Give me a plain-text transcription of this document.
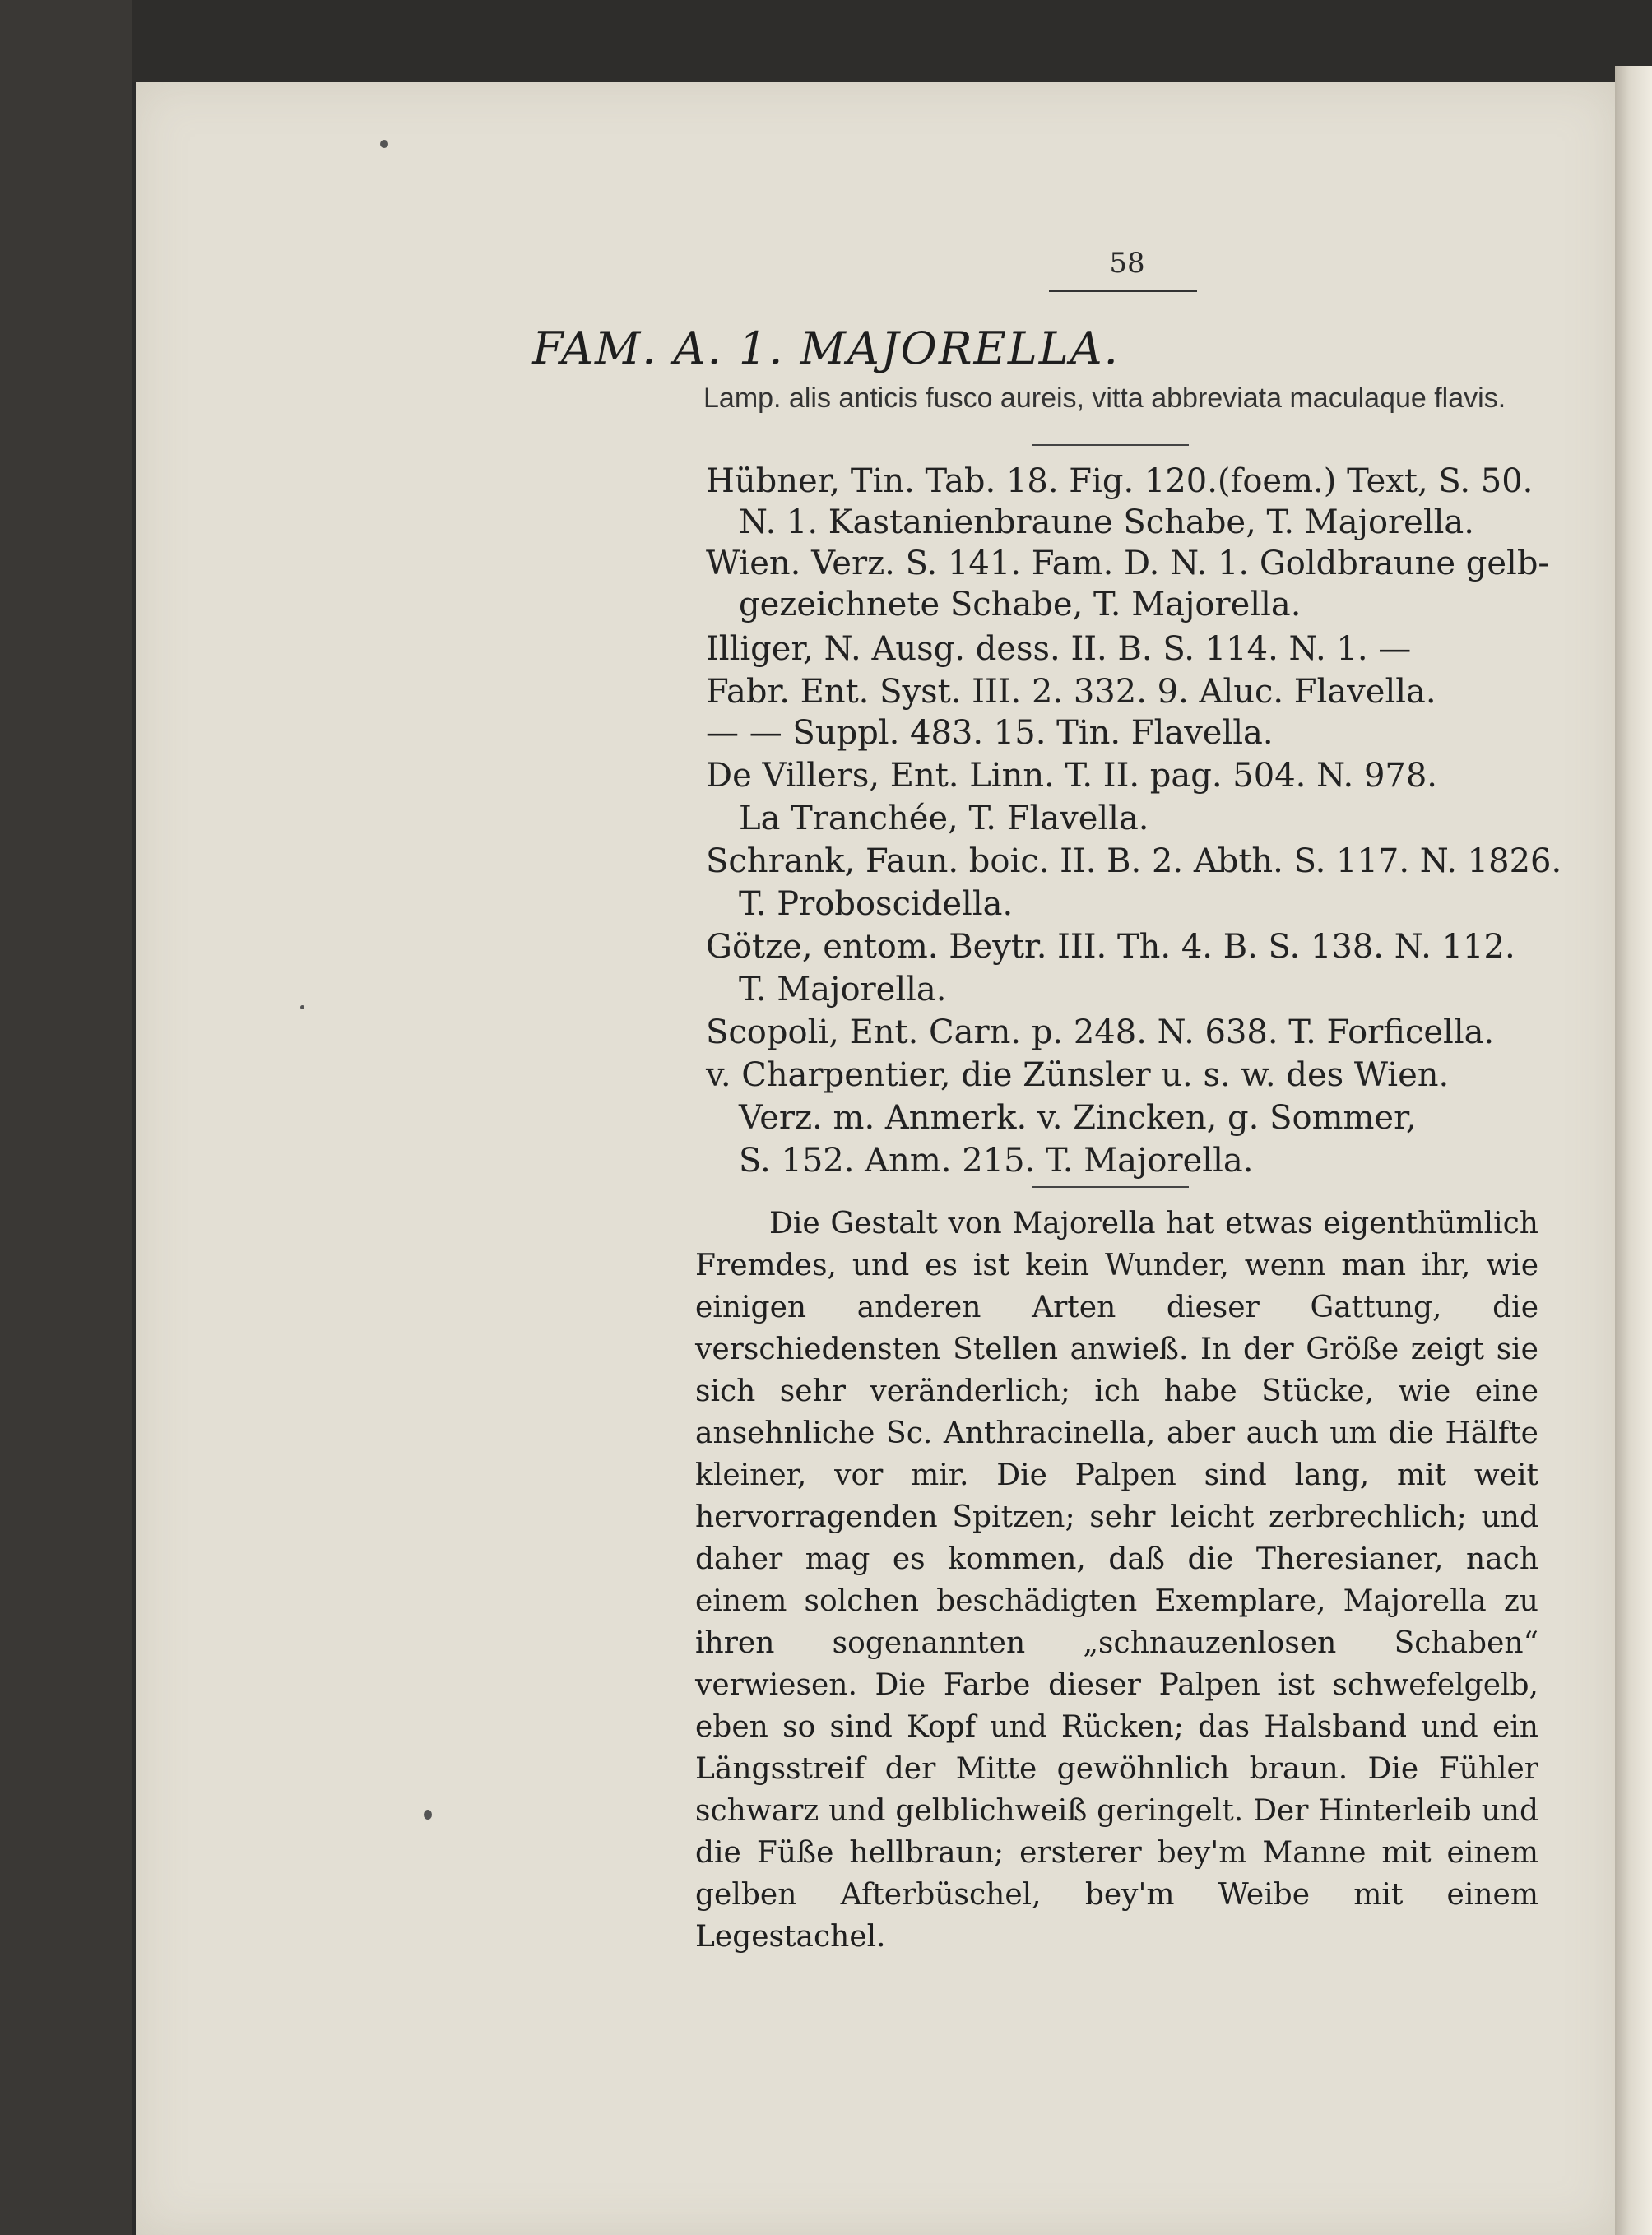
58
FAM. A. 1. MAJORELLA.
Lamp. alis anticis fusco aureis, vitta abbreviata maculaque flavis.
Hübner, Tin. Tab. 18. Fig. 120.(foem.) Text, S. 50.
N. 1. Kastanienbraune Schabe, T. Majorella.
Wien. Verz. S. 141. Fam. D. N. 1. Goldbraune gelb-
gezeichnete Schabe, T. Majorella.
Illiger, N. Ausg. dess. II. B. S. 114. N. 1. —
Fabr. Ent. Syst. III. 2. 332. 9. Aluc. Flavella.
— — Suppl. 483. 15. Tin. Flavella.
De Villers, Ent. Linn. T. II. pag. 504. N. 978.
La Tranchée, T. Flavella.
Schrank, Faun. boic. II. B. 2. Abth. S. 117. N. 1826.
T. Proboscidella.
Götze, entom. Beytr. III. Th. 4. B. S. 138. N. 112.
T. Majorella.
Scopoli, Ent. Carn. p. 248. N. 638. T. Forficella.
v. Charpentier, die Zünsler u. s. w. des Wien.
Verz. m. Anmerk. v. Zincken, g. Sommer,
S. 152. Anm. 215. T. Majorella.
Die Gestalt von Majorella hat etwas eigenthümlich Fremdes, und es ist kein Wunder, wenn man ihr, wie einigen anderen Arten dieser Gattung, die verschiedensten Stellen anwieß. In der Größe zeigt sie sich sehr veränderlich; ich habe Stücke, wie eine ansehnliche Sc. Anthracinella, aber auch um die Hälfte kleiner, vor mir. Die Palpen sind lang, mit weit hervorragenden Spitzen; sehr leicht zerbrechlich; und daher mag es kommen, daß die Theresianer, nach einem solchen beschädigten Exemplare, Majorella zu ihren sogenannten „schnauzenlosen Schaben“ verwiesen. Die Farbe dieser Palpen ist schwefelgelb, eben so sind Kopf und Rücken; das Halsband und ein Längsstreif der Mitte gewöhnlich braun. Die Fühler schwarz und gelblichweiß geringelt. Der Hinterleib und die Füße hellbraun; ersterer bey'm Manne mit einem gelben Afterbüschel, bey'm Weibe mit einem Legestachel.
